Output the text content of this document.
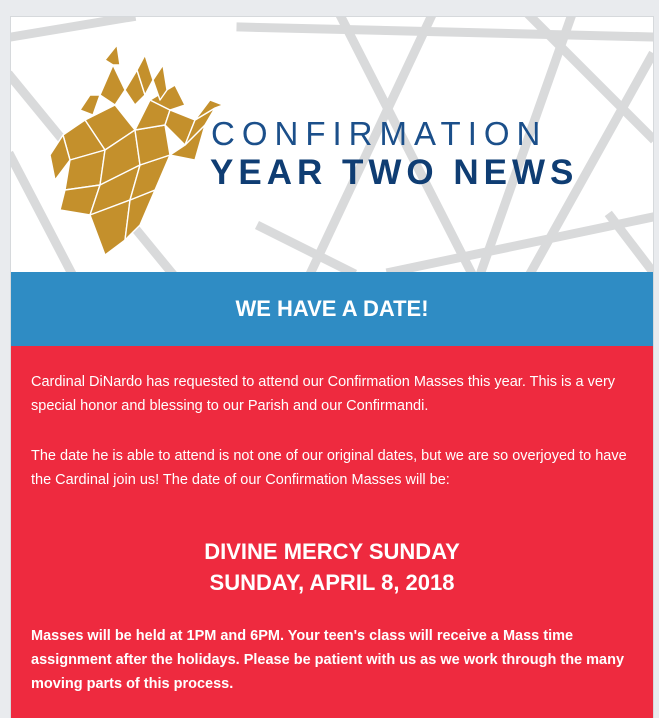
CONFIRMATION
YEAR TWO NEWS
WE HAVE A DATE!
Cardinal DiNardo has requested to attend our Confirmation Masses this year. This is a very special honor and blessing to our Parish and our Confirmandi.
The date he is able to attend is not one of our original dates, but we are so overjoyed to have the Cardinal join us! The date of our Confirmation Masses will be:
DIVINE MERCY SUNDAY
SUNDAY, APRIL 8, 2018
Masses will be held at 1PM and 6PM. Your teen's class will receive a Mass time assignment after the holidays. Please be patient with us as we work through the many moving parts of this process.
